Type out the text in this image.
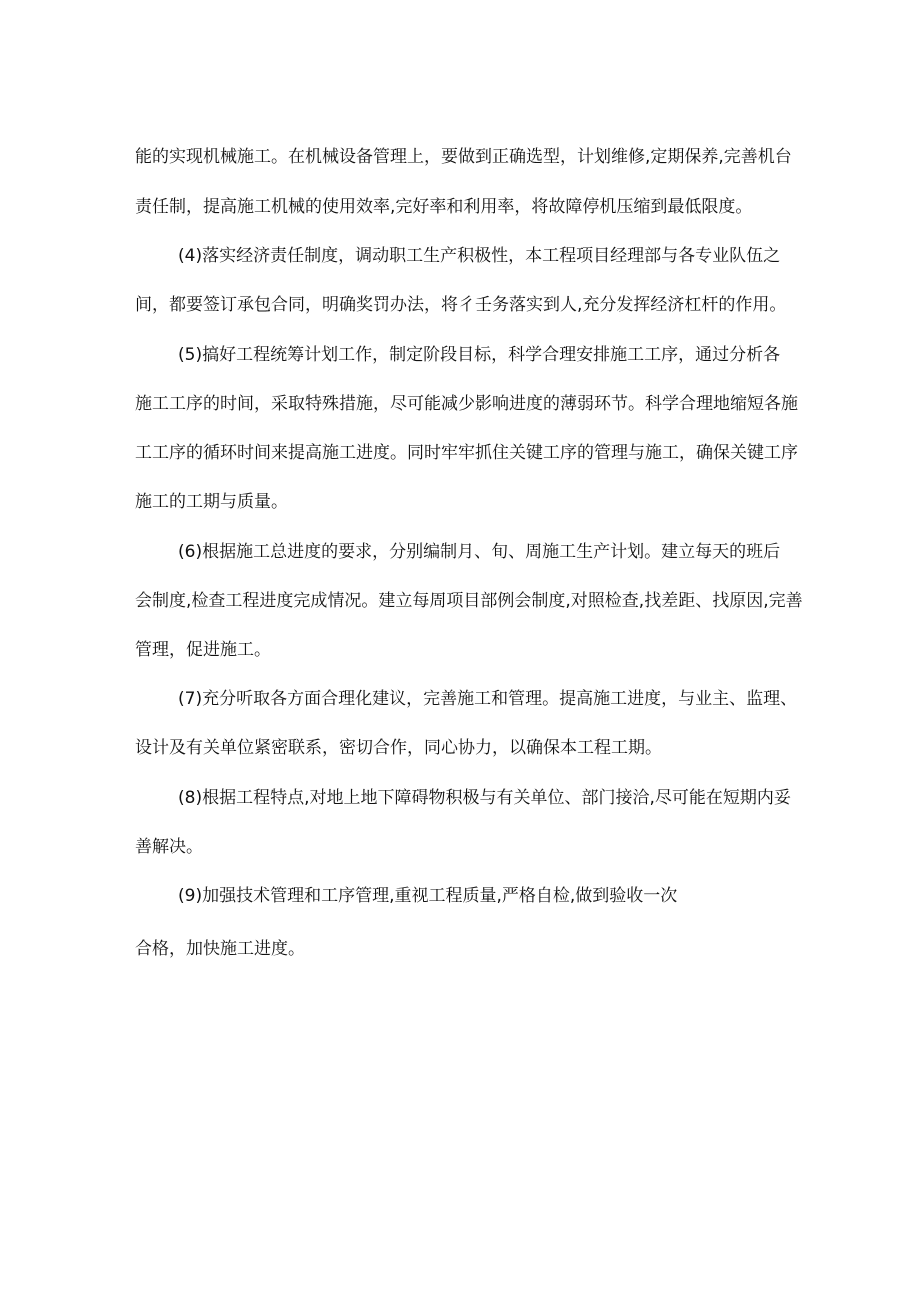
能的实现机械施工。在机械设备管理上，要做到正确选型，计划维修,定期保养,完善机台
责任制，提高施工机械的使用效率,完好率和利用率，将故障停机压缩到最低限度。
(4)落实经济责任制度，调动职工生产积极性，本工程项目经理部与各专业队伍之
间，都要签订承包合同，明确奖罚办法，将彳壬务落实到人,充分发挥经济杠杆的作用。
(5)搞好工程统筹计划工作，制定阶段目标，科学合理安排施工工序，通过分析各
施工工序的时间，采取特殊措施，尽可能减少影响进度的薄弱环节。科学合理地缩短各施
工工序的循环时间来提高施工进度。同时牢牢抓住关键工序的管理与施工，确保关键工序
施工的工期与质量。
(6)根据施工总进度的要求，分别编制月、旬、周施工生产计划。建立每天的班后
会制度,检查工程进度完成情况。建立每周项目部例会制度,对照检查,找差距、找原因,完善
管理，促进施工。
(7)充分听取各方面合理化建议，完善施工和管理。提高施工进度，与业主、监理、
设计及有关单位紧密联系，密切合作，同心协力，以确保本工程工期。
(8)根据工程特点,对地上地下障碍物积极与有关单位、部门接洽,尽可能在短期内妥
善解决。
(9)加强技术管理和工序管理,重视工程质量,严格自检,做到验收一次
合格，加快施工进度。
